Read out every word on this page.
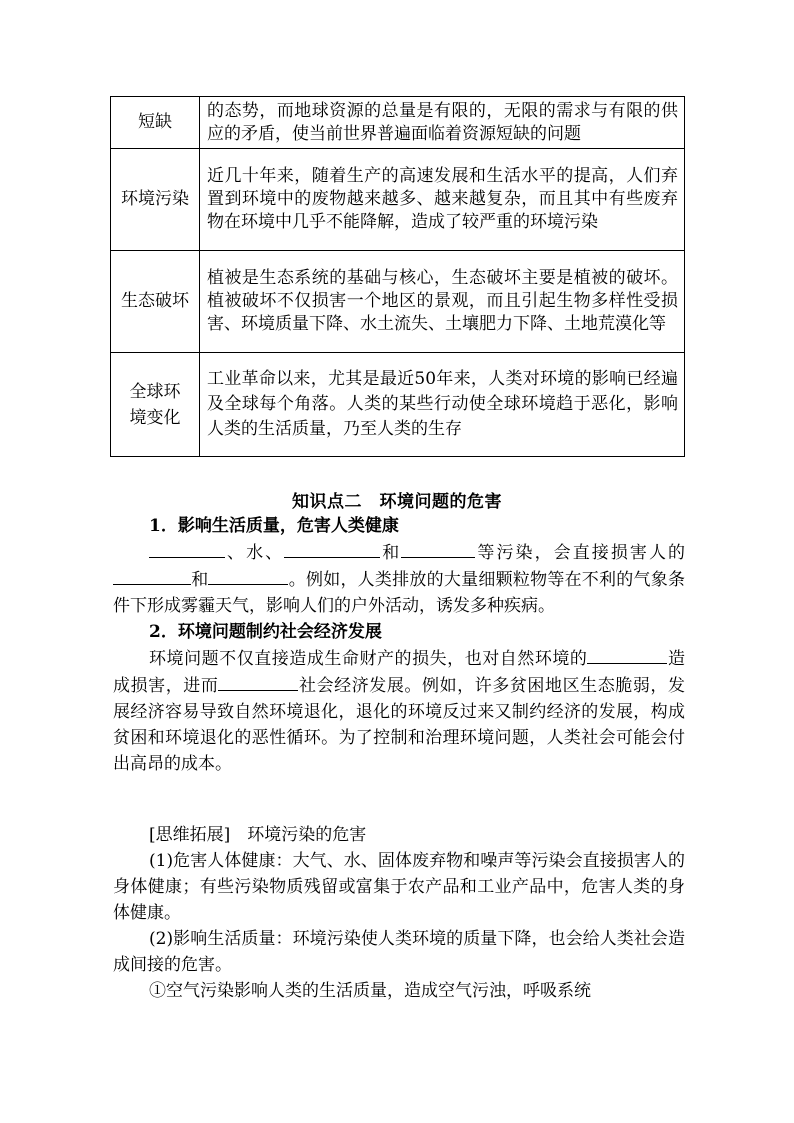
短缺	的态势，而地球资源的总量是有限的，无限的需求与有限的供应的矛盾，使当前世界普遍面临着资源短缺的问题
环境污染	近几十年来，随着生产的高速发展和生活水平的提高，人们弃置到环境中的废物越来越多、越来越复杂，而且其中有些废弃物在环境中几乎不能降解，造成了较严重的环境污染
生态破坏	植被是生态系统的基础与核心，生态破坏主要是植被的破坏。植被破坏不仅损害一个地区的景观，而且引起生物多样性受损害、环境质量下降、水土流失、土壤肥力下降、土地荒漠化等
全球环境变化	工业革命以来，尤其是最近50年来，人类对环境的影响已经遍及全球每个角落。人类的某些行动使全球环境趋于恶化，影响人类的生活质量，乃至人类的生存
知识点二　环境问题的危害
1．影响生活质量，危害人类健康
、水、	和	等污染，会直接损害人的和	。例如，人类排放的大量细颗粒物等在不利的气象条件下形成雾霾天气，影响人们的户外活动，诱发多种疾病。
2．环境问题制约社会经济发展
环境问题不仅直接造成生命财产的损失，也对自然环境的	造成损害，进而	社会经济发展。例如，许多贫困地区生态脆弱，发展经济容易导致自然环境退化，退化的环境反过来又制约经济的发展，构成贫困和环境退化的恶性循环。为了控制和治理环境问题，人类社会可能会付出高昂的成本。
[思维拓展]　环境污染的危害
(1)危害人体健康：大气、水、固体废弃物和噪声等污染会直接损害人的身体健康；有些污染物质残留或富集于农产品和工业产品中，危害人类的身体健康。
(2)影响生活质量：环境污染使人类环境的质量下降，也会给人类社会造成间接的危害。
①空气污染影响人类的生活质量，造成空气污浊，呼吸系统
